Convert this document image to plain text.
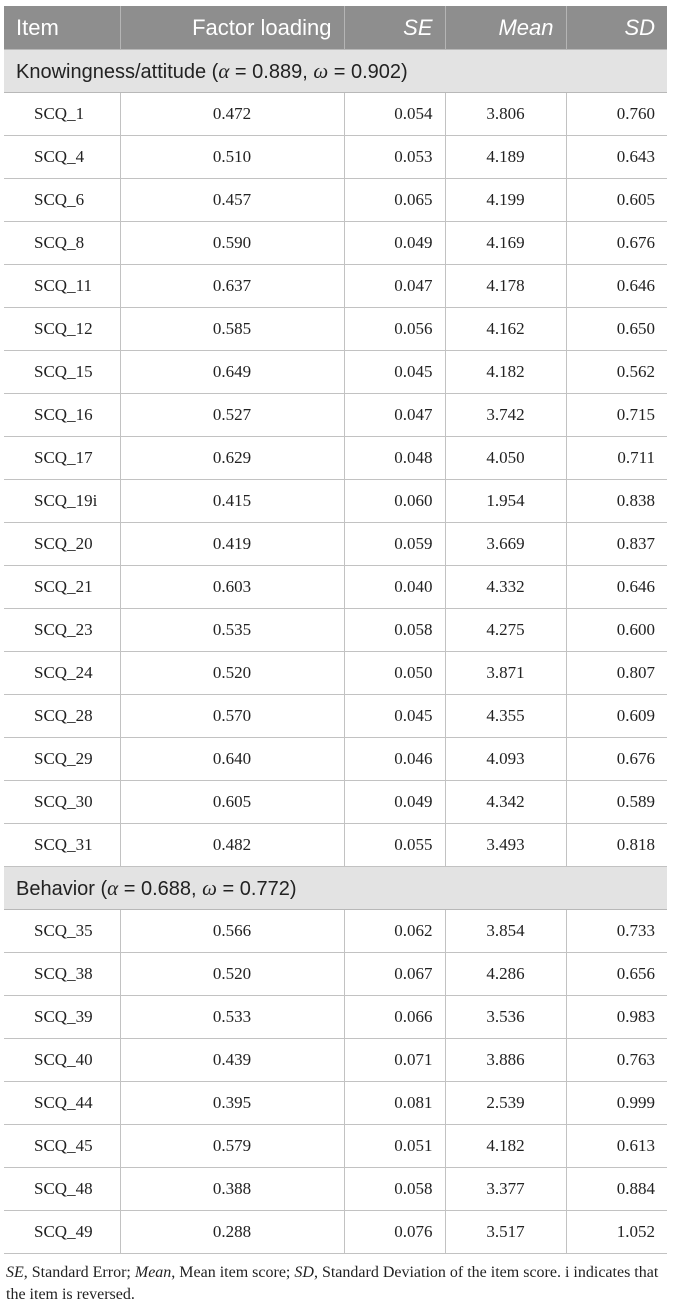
Item	Factor loading	SE	Mean	SD
Knowingness/attitude (α = 0.889, ω = 0.902)				
SCQ_1	0.472	0.054	3.806	0.760
SCQ_4	0.510	0.053	4.189	0.643
SCQ_6	0.457	0.065	4.199	0.605
SCQ_8	0.590	0.049	4.169	0.676
SCQ_11	0.637	0.047	4.178	0.646
SCQ_12	0.585	0.056	4.162	0.650
SCQ_15	0.649	0.045	4.182	0.562
SCQ_16	0.527	0.047	3.742	0.715
SCQ_17	0.629	0.048	4.050	0.711
SCQ_19i	0.415	0.060	1.954	0.838
SCQ_20	0.419	0.059	3.669	0.837
SCQ_21	0.603	0.040	4.332	0.646
SCQ_23	0.535	0.058	4.275	0.600
SCQ_24	0.520	0.050	3.871	0.807
SCQ_28	0.570	0.045	4.355	0.609
SCQ_29	0.640	0.046	4.093	0.676
SCQ_30	0.605	0.049	4.342	0.589
SCQ_31	0.482	0.055	3.493	0.818
Behavior (α = 0.688, ω = 0.772)				
SCQ_35	0.566	0.062	3.854	0.733
SCQ_38	0.520	0.067	4.286	0.656
SCQ_39	0.533	0.066	3.536	0.983
SCQ_40	0.439	0.071	3.886	0.763
SCQ_44	0.395	0.081	2.539	0.999
SCQ_45	0.579	0.051	4.182	0.613
SCQ_48	0.388	0.058	3.377	0.884
SCQ_49	0.288	0.076	3.517	1.052
SE, Standard Error; Mean, Mean item score; SD, Standard Deviation of the item score. i indicates that the item is reversed.
